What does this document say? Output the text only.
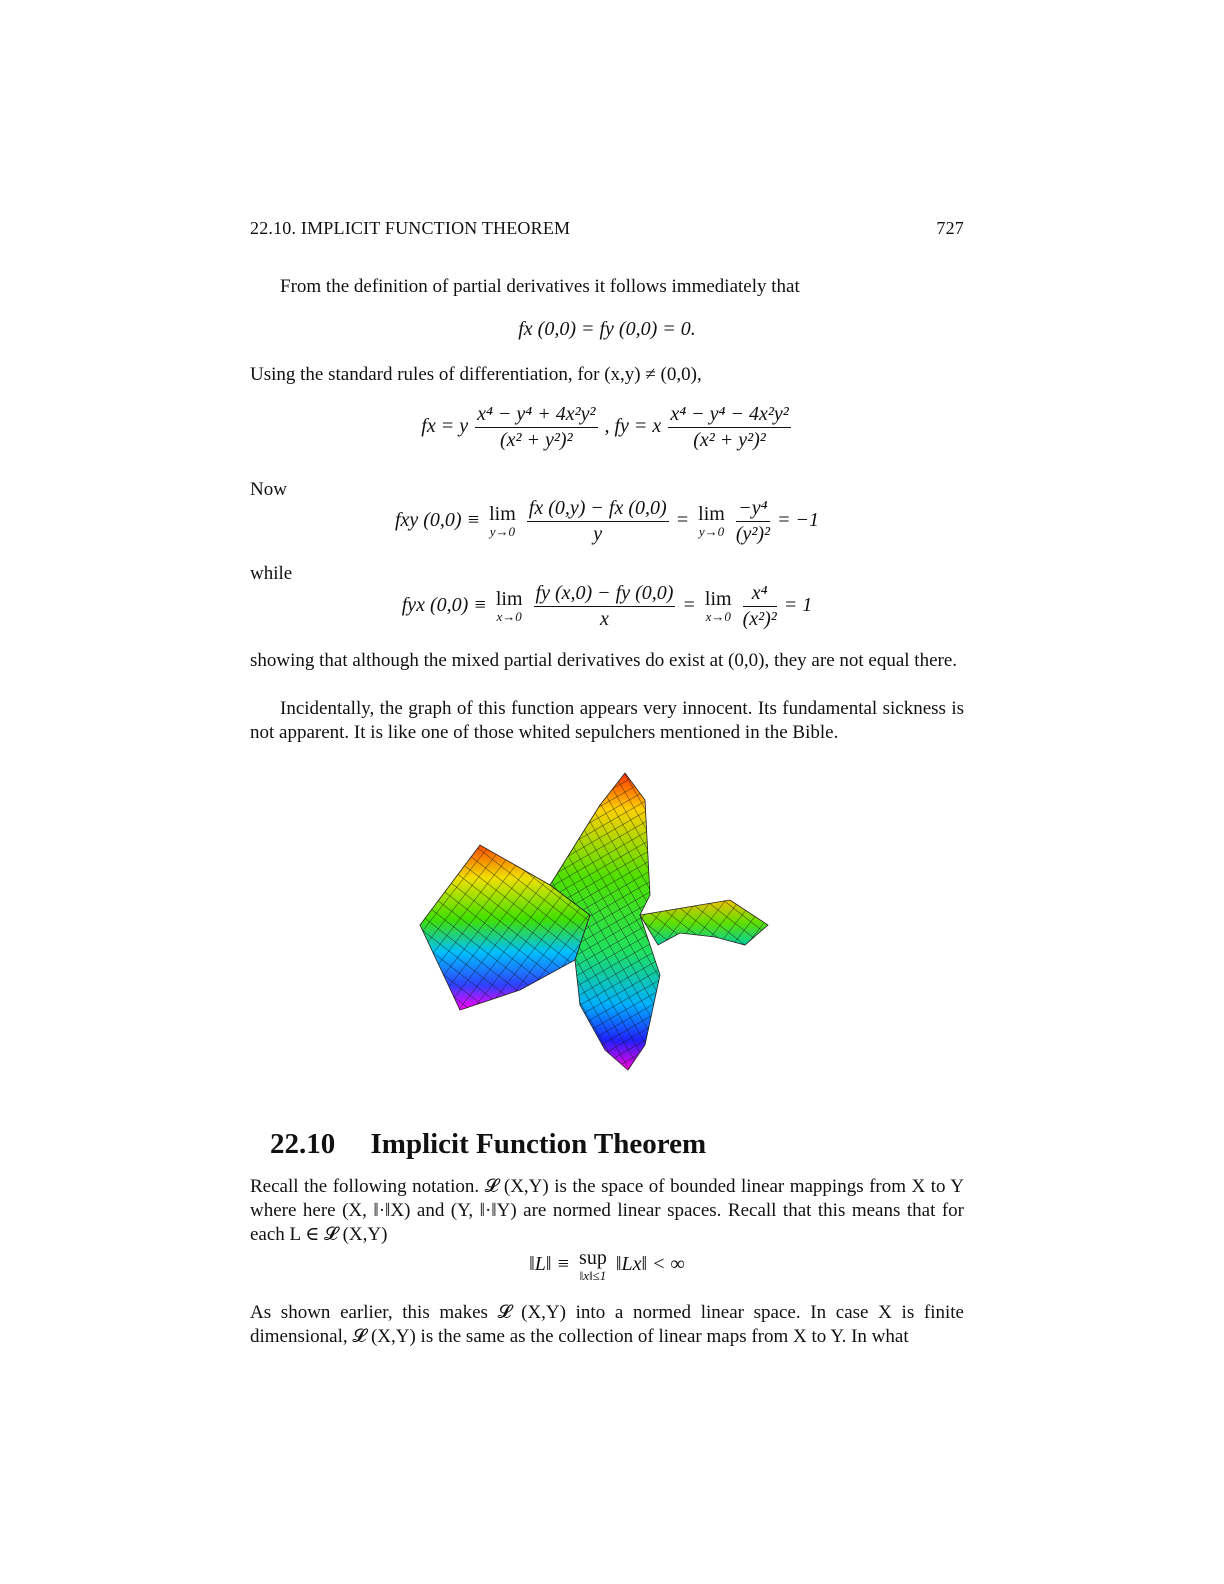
22.10. IMPLICIT FUNCTION THEOREM	727
From the definition of partial derivatives it follows immediately that
fx (0,0) = fy (0,0) = 0.
Using the standard rules of differentiation, for (x,y) ≠ (0,0),
fx = y $\frac{\text{x⁴ − y⁴ + 4x²y²}}{\text{(x² + y²)²}}$ , fy = x $\frac{\text{x⁴ − y⁴ − 4x²y²}}{\text{(x² + y²)²}}$
Now
fxy (0,0) ≡ lim
y→0
$\frac{fx (0,y) - fx (0,0)}{y} = \lim$
y→0
$\frac{\text{−y⁴}}{\text{(y²)²}} = -1$
while
fyx (0,0) ≡ lim
x→0
$\frac{fy (x,0) - fy (0,0)}{x} = \lim$
x→0
$\frac{\text{x⁴}}{\text{(x²)²}} = 1$
showing that although the mixed partial derivatives do exist at (0,0), they are not equal there.
Incidentally, the graph of this function appears very innocent. Its fundamental sickness is not apparent. It is like one of those whited sepulchers mentioned in the Bible.
22.10 Implicit Function Theorem
Recall the following notation. 𝓛 (X,Y) is the space of bounded linear mappings from X to Y where here (X, ‖·‖X) and (Y, ‖·‖Y) are normed linear spaces. Recall that this means that for each L ∈ 𝓛 (X,Y)
‖L‖ ≡ sup
‖x‖≤1
‖Lx‖ < ∞
As shown earlier, this makes 𝓛 (X,Y) into a normed linear space. In case X is finite dimensional, 𝓛 (X,Y) is the same as the collection of linear maps from X to Y. In what
